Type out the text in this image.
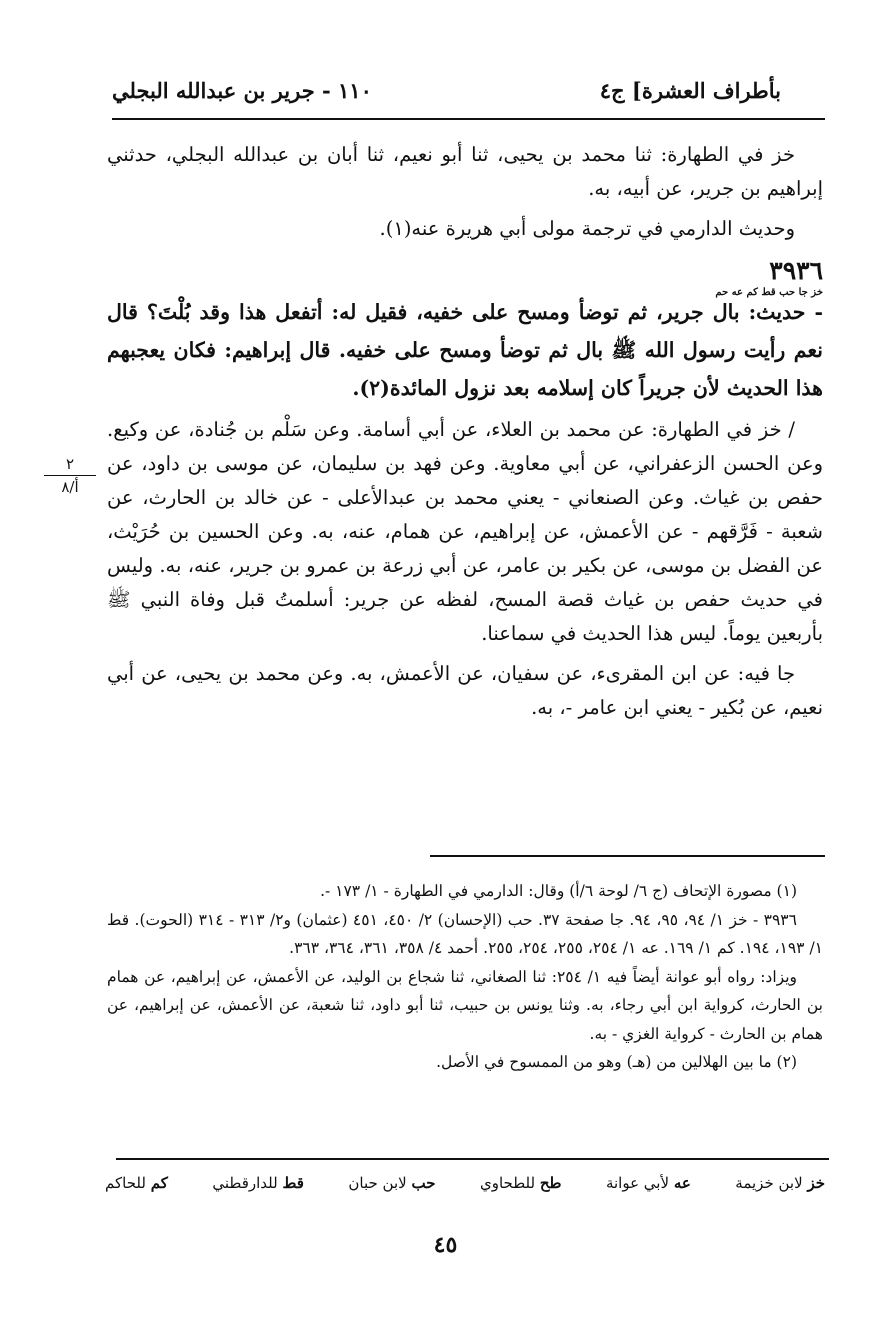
بأطراف العشرة] ج٤
١١٠ - جرير بن عبدالله البجلي
٢
أ/٨

خز في الطهارة: ثنا محمد بن يحيى، ثنا أبو نعيم، ثنا أبان بن عبدالله البجلي، حدثني إبراهيم بن جرير، عن أبيه، به.

وحديث الدارمي في ترجمة مولى أبي هريرة عنه(١).

٣٩٣٦
خز جا حب قط كم عه حم
- حديث: بال جرير، ثم توضأ ومسح على خفيه، فقيل له: أتفعل هذا وقد بُلْتَ؟ قال نعم رأيت رسول الله ﷺ بال ثم توضأ ومسح على خفيه. قال إبراهيم: فكان يعجبهم هذا الحديث لأن جريراً كان إسلامه بعد نزول المائدة(٢).

/ خز في الطهارة: عن محمد بن العلاء، عن أبي أسامة. وعن سَلْم بن جُنادة، عن وكيع. وعن الحسن الزعفراني، عن أبي معاوية. وعن فهد بن سليمان، عن موسى بن داود، عن حفص بن غياث. وعن الصنعاني - يعني محمد بن عبدالأعلى - عن خالد بن الحارث، عن شعبة - فَرَّقهم - عن الأعمش، عن إبراهيم، عن همام، عنه، به. وعن الحسين بن حُرَيْث، عن الفضل بن موسى، عن بكير بن عامر، عن أبي زرعة بن عمرو بن جرير، عنه، به. وليس في حديث حفص بن غياث قصة المسح، لفظه عن جرير: أسلمتُ قبل وفاة النبي ﷺ بأربعين يوماً. ليس هذا الحديث في سماعنا.

جا فيه: عن ابن المقرىء، عن سفيان، عن الأعمش، به. وعن محمد بن يحيى، عن أبي نعيم، عن بُكير - يعني ابن عامر -، به.

(١) مصورة الإتحاف (ج ٦/ لوحة ٦/أ) وقال: الدارمي في الطهارة - ١/ ١٧٣ -.

٣٩٣٦ - خز ١/ ٩٤، ٩٥، ٩٤. جا صفحة ٣٧. حب (الإحسان) ٢/ ٤٥٠، ٤٥١ (عثمان) و٢/ ٣١٣ - ٣١٤ (الحوت). قط ١/ ١٩٣، ١٩٤. كم ١/ ١٦٩. عه ١/ ٢٥٤، ٢٥٥، ٢٥٤، ٢٥٥. أحمد ٤/ ٣٥٨، ٣٦١، ٣٦٤، ٣٦٣.

ويزاد: رواه أبو عوانة أيضاً فيه ١/ ٢٥٤: ثنا الصغاني، ثنا شجاع بن الوليد، عن الأعمش، عن إبراهيم، عن همام بن الحارث، كرواية ابن أبي رجاء، به. وثنا يونس بن حبيب، ثنا أبو داود، ثنا شعبة، عن الأعمش، عن إبراهيم، عن همام بن الحارث - كرواية الغزي - به.

(٢) ما بين الهلالين من (هـ) وهو من الممسوح في الأصل.

خز لابن خزيمة
عه لأبي عوانة
طح للطحاوي
حب لابن حبان
قط للدارقطني
كم للحاكم
٤٥
